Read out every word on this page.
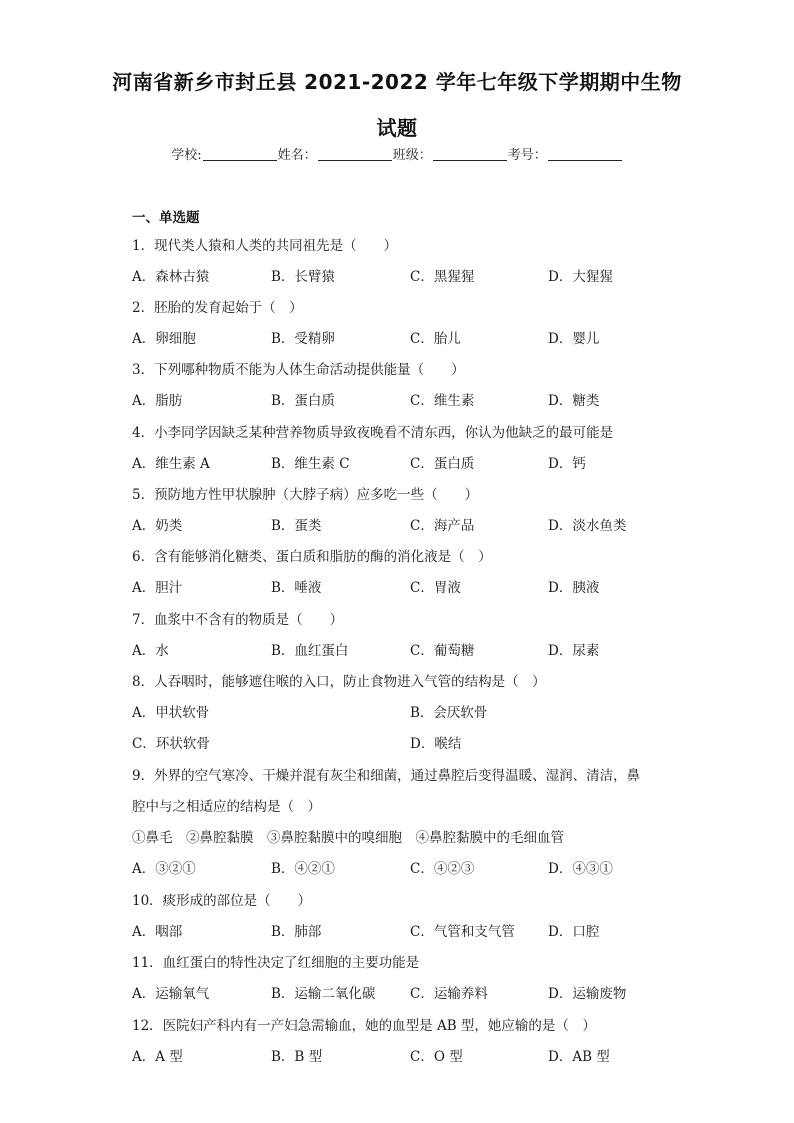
河南省新乡市封丘县 2021-2022 学年七年级下学期期中生物
试题
学校:	姓名：	班级：	考号：
一、单选题
1．现代类人猿和人类的共同祖先是（　　）
A．森林古猿	B．长臂猿	C．黑猩猩	D．大猩猩
2．胚胎的发育起始于（　）
A．卵细胞	B．受精卵	C．胎儿	D．婴儿
3．下列哪种物质不能为人体生命活动提供能量（　　）
A．脂肪	B．蛋白质	C．维生素	D．糖类
4．小李同学因缺乏某种营养物质导致夜晚看不清东西，你认为他缺乏的最可能是
A．维生素 A	B．维生素 C	C．蛋白质	D．钙
5．预防地方性甲状腺肿（大脖子病）应多吃一些（　　）
A．奶类	B．蛋类	C．海产品	D．淡水鱼类
6．含有能够消化糖类、蛋白质和脂肪的酶的消化液是（　）
A．胆汁	B．唾液	C．胃液	D．胰液
7．血浆中不含有的物质是（　　）
A．水	B．血红蛋白	C．葡萄糖	D．尿素
8．人吞咽时，能够遮住喉的入口，防止食物进入气管的结构是（　）
A．甲状软骨	B．会厌软骨
C．环状软骨	D．喉结
9．外界的空气寒冷、干燥并混有灰尘和细菌，通过鼻腔后变得温暖、湿润、清洁，鼻
腔中与之相适应的结构是（　）
①鼻毛　②鼻腔黏膜　③鼻腔黏膜中的嗅细胞　④鼻腔黏膜中的毛细血管
A．③②①	B．④②①	C．④②③	D．④③①
10．痰形成的部位是（　　）
A．咽部	B．肺部	C．气管和支气管 D．口腔
11．血红蛋白的特性决定了红细胞的主要功能是
A．运输氧气	B．运输二氧化碳	C．运输养料	D．运输废物
12．医院妇产科内有一产妇急需输血，她的血型是 AB 型，她应输的是（　）
A．A 型	B．B 型	C．O 型	D．AB 型
